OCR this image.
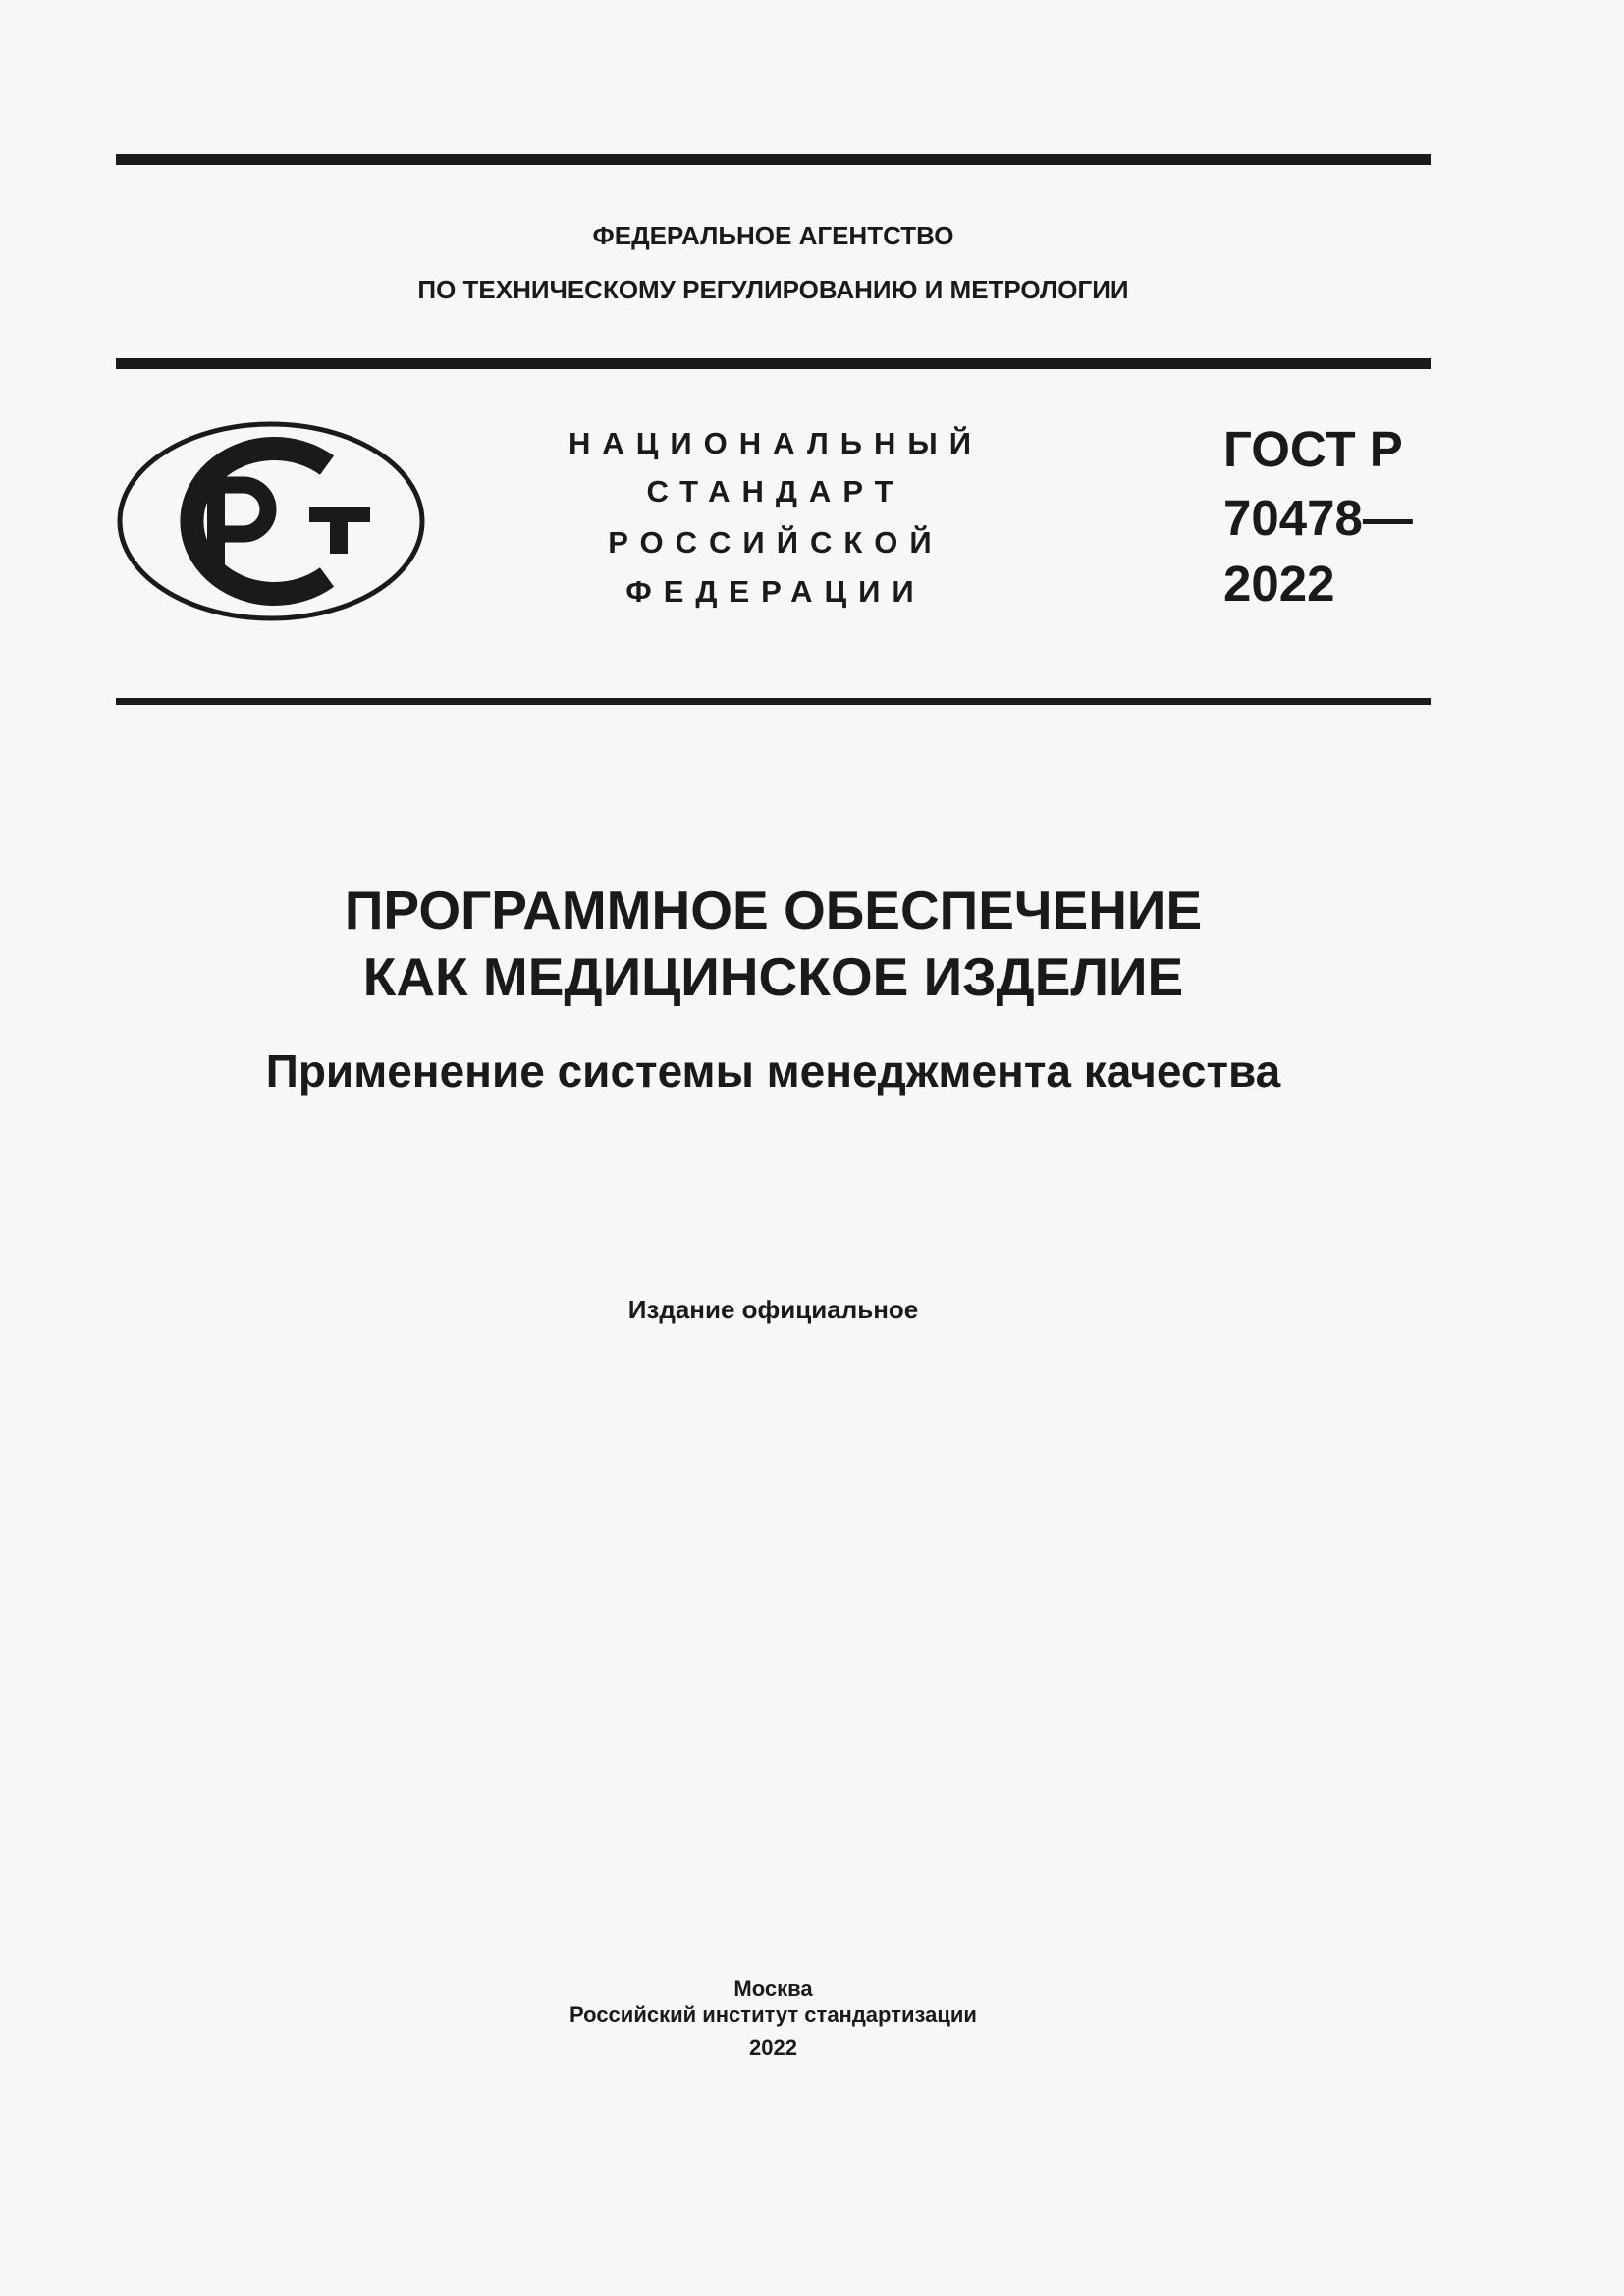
ФЕДЕРАЛЬНОЕ АГЕНТСТВО
ПО ТЕХНИЧЕСКОМУ РЕГУЛИРОВАНИЮ И МЕТРОЛОГИИ
НАЦИОНАЛЬНЫЙ
СТАНДАРТ
РОССИЙСКОЙ
ФЕДЕРАЦИИ
ГОСТ Р
70478—
2022
ПРОГРАММНОЕ ОБЕСПЕЧЕНИЕ
КАК МЕДИЦИНСКОЕ ИЗДЕЛИЕ
Применение системы менеджмента качества
Издание официальное
Москва
Российский институт стандартизации
2022
